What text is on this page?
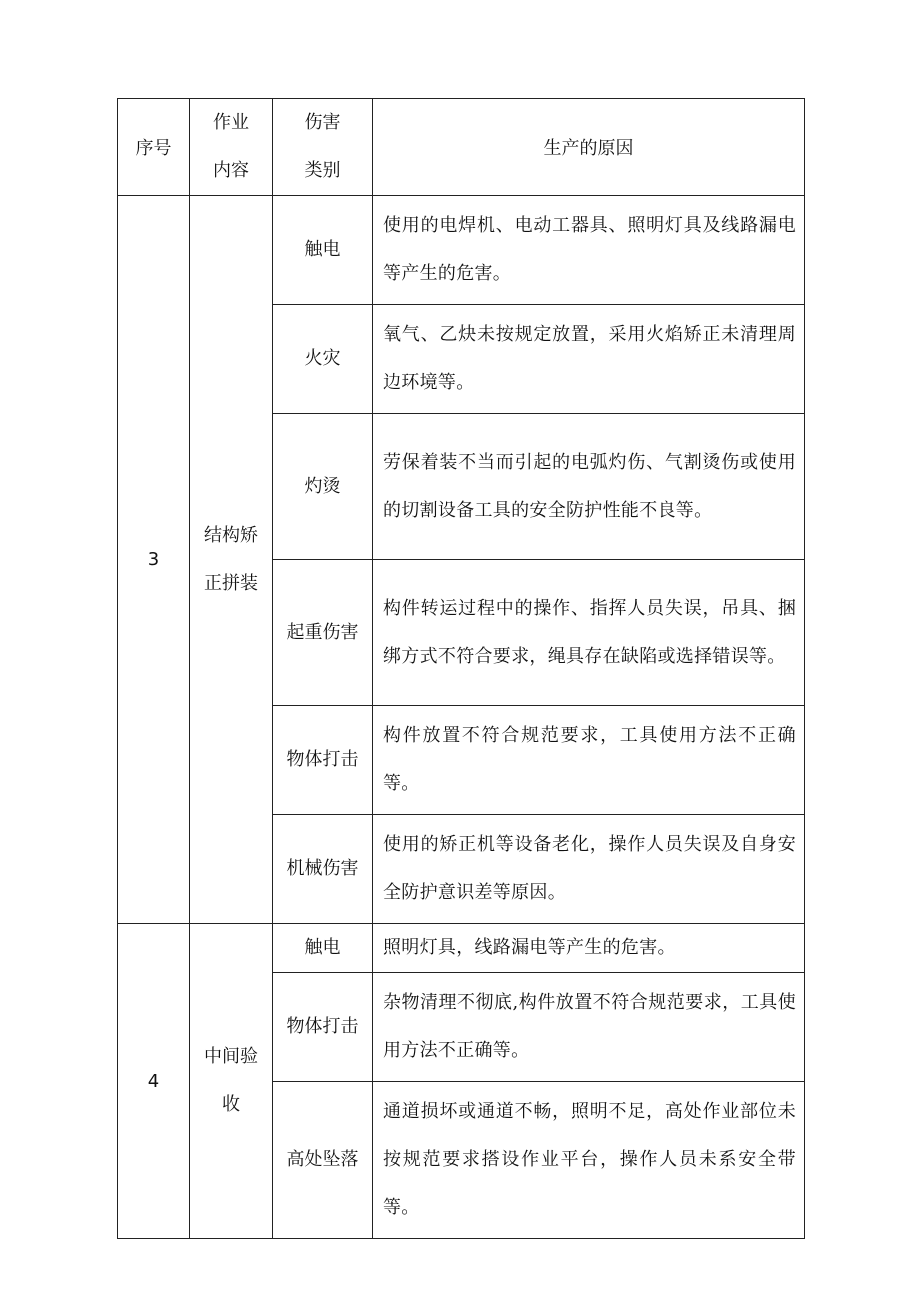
序号	作业内容	伤害类别	生产的原因
3	结构矫正拼装	触电	使用的电焊机、电动工器具、照明灯具及线路漏电等产生的危害。

		火灾	氧气、乙炔未按规定放置，采用火焰矫正未清理周边环境等。

		灼烫	劳保着装不当而引起的电弧灼伤、气割烫伤或使用的切割设备工具的安全防护性能不良等。

		起重伤害	构件转运过程中的操作、指挥人员失误，吊具、捆绑方式不符合要求，绳具存在缺陷或选择错误等。

		物体打击	构件放置不符合规范要求，工具使用方法不正确等。

		机械伤害	使用的矫正机等设备老化，操作人员失误及自身安全防护意识差等原因。

4	中间验收	触电	照明灯具，线路漏电等产生的危害。

		物体打击	杂物清理不彻底,构件放置不符合规范要求，工具使用方法不正确等。

		高处坠落	通道损坏或通道不畅，照明不足，高处作业部位未按规范要求搭设作业平台，操作人员未系安全带等。
